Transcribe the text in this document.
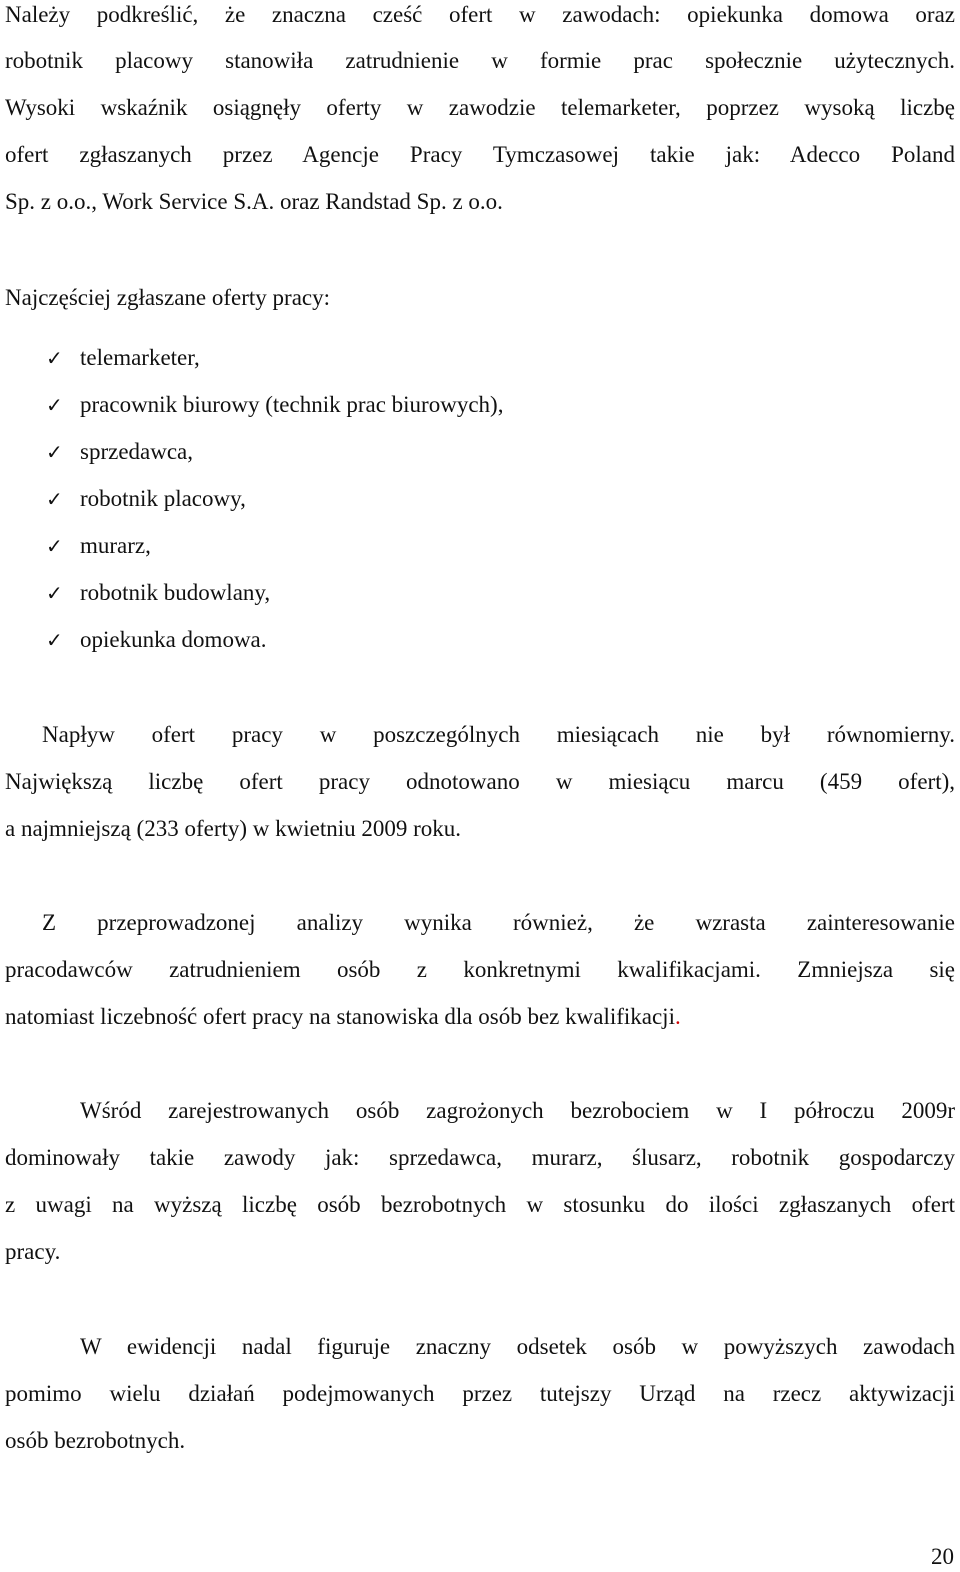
Należy podkreślić, że znaczna cześć ofert w zawodach: opiekunka domowa oraz
robotnik placowy stanowiła zatrudnienie w formie prac społecznie użytecznych.
Wysoki wskaźnik osiągnęły oferty w zawodzie telemarketer, poprzez wysoką liczbę
ofert zgłaszanych przez Agencje Pracy Tymczasowej takie jak: Adecco Poland
Sp. z o.o., Work Service S.A. oraz Randstad Sp. z o.o.
Najczęściej zgłaszane oferty pracy:
✓ telemarketer,
✓ pracownik biurowy (technik prac biurowych),
✓ sprzedawca,
✓ robotnik placowy,
✓ murarz,
✓ robotnik budowlany,
✓ opiekunka domowa.
Napływ ofert pracy w poszczególnych miesiącach nie był równomierny.
Największą liczbę ofert pracy odnotowano w miesiącu marcu (459 ofert),
a najmniejszą (233 oferty) w kwietniu 2009 roku.
Z przeprowadzonej analizy wynika również, że wzrasta zainteresowanie
pracodawców zatrudnieniem osób z konkretnymi kwalifikacjami. Zmniejsza się
natomiast liczebność ofert pracy na stanowiska dla osób bez kwalifikacji.
Wśród zarejestrowanych osób zagrożonych bezrobociem w I półroczu 2009r
dominowały takie zawody jak: sprzedawca, murarz, ślusarz, robotnik gospodarczy
z uwagi na wyższą liczbę osób bezrobotnych w stosunku do ilości zgłaszanych ofert
pracy.
W ewidencji nadal figuruje znaczny odsetek osób w powyższych zawodach
pomimo wielu działań podejmowanych przez tutejszy Urząd na rzecz aktywizacji
osób bezrobotnych.
20
